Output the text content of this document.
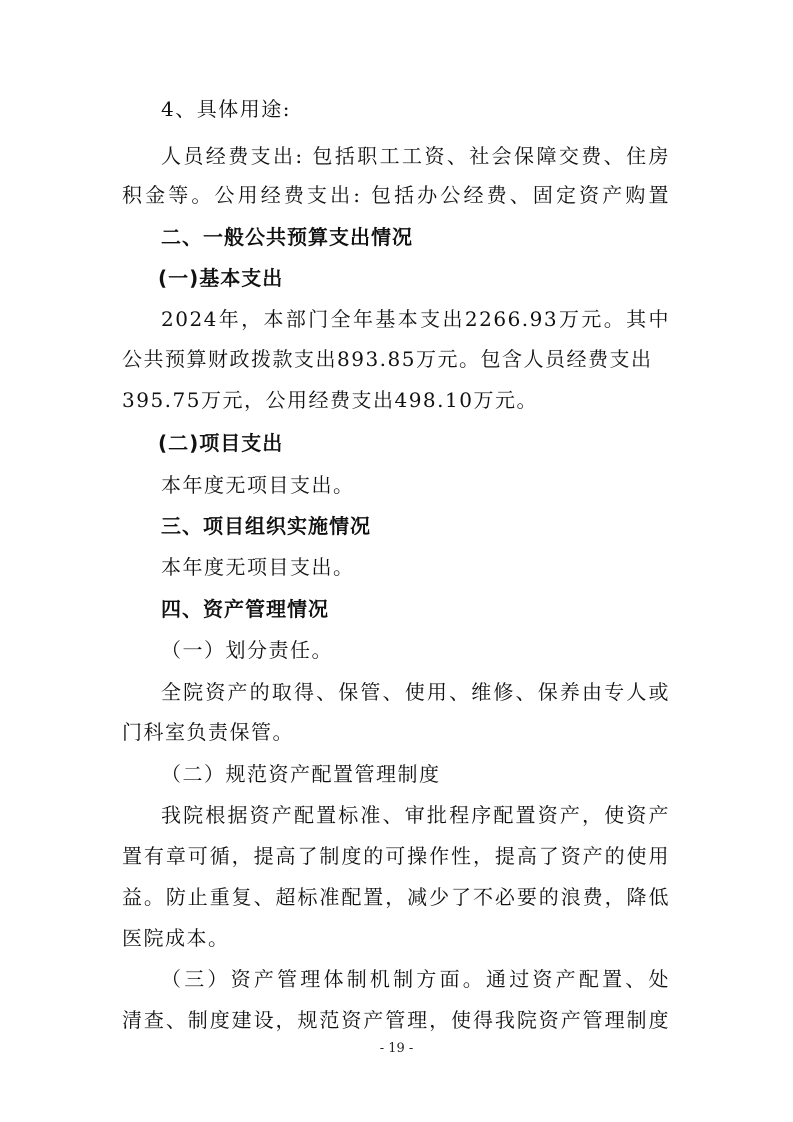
4、具体用途:
人员经费支出: 包括职工工资、社会保障交费、住房
积金等。公用经费支出: 包括办公经费、固定资产购置
二、一般公共预算支出情况
(一)基本支出
2024年，本部门全年基本支出2266.93万元。其中
公共预算财政拨款支出893.85万元。包含人员经费支出
395.75万元，公用经费支出498.10万元。
(二)项目支出
本年度无项目支出。
三、项目组织实施情况
本年度无项目支出。
四、资产管理情况
（一）划分责任。
全院资产的取得、保管、使用、维修、保养由专人或
门科室负责保管。
（二）规范资产配置管理制度
我院根据资产配置标准、审批程序配置资产，使资产
置有章可循，提高了制度的可操作性，提高了资产的使用
益。防止重复、超标准配置，减少了不必要的浪费，降低
医院成本。
（三）资产管理体制机制方面。通过资产配置、处
清查、制度建设，规范资产管理，使得我院资产管理制度
- 19 -
